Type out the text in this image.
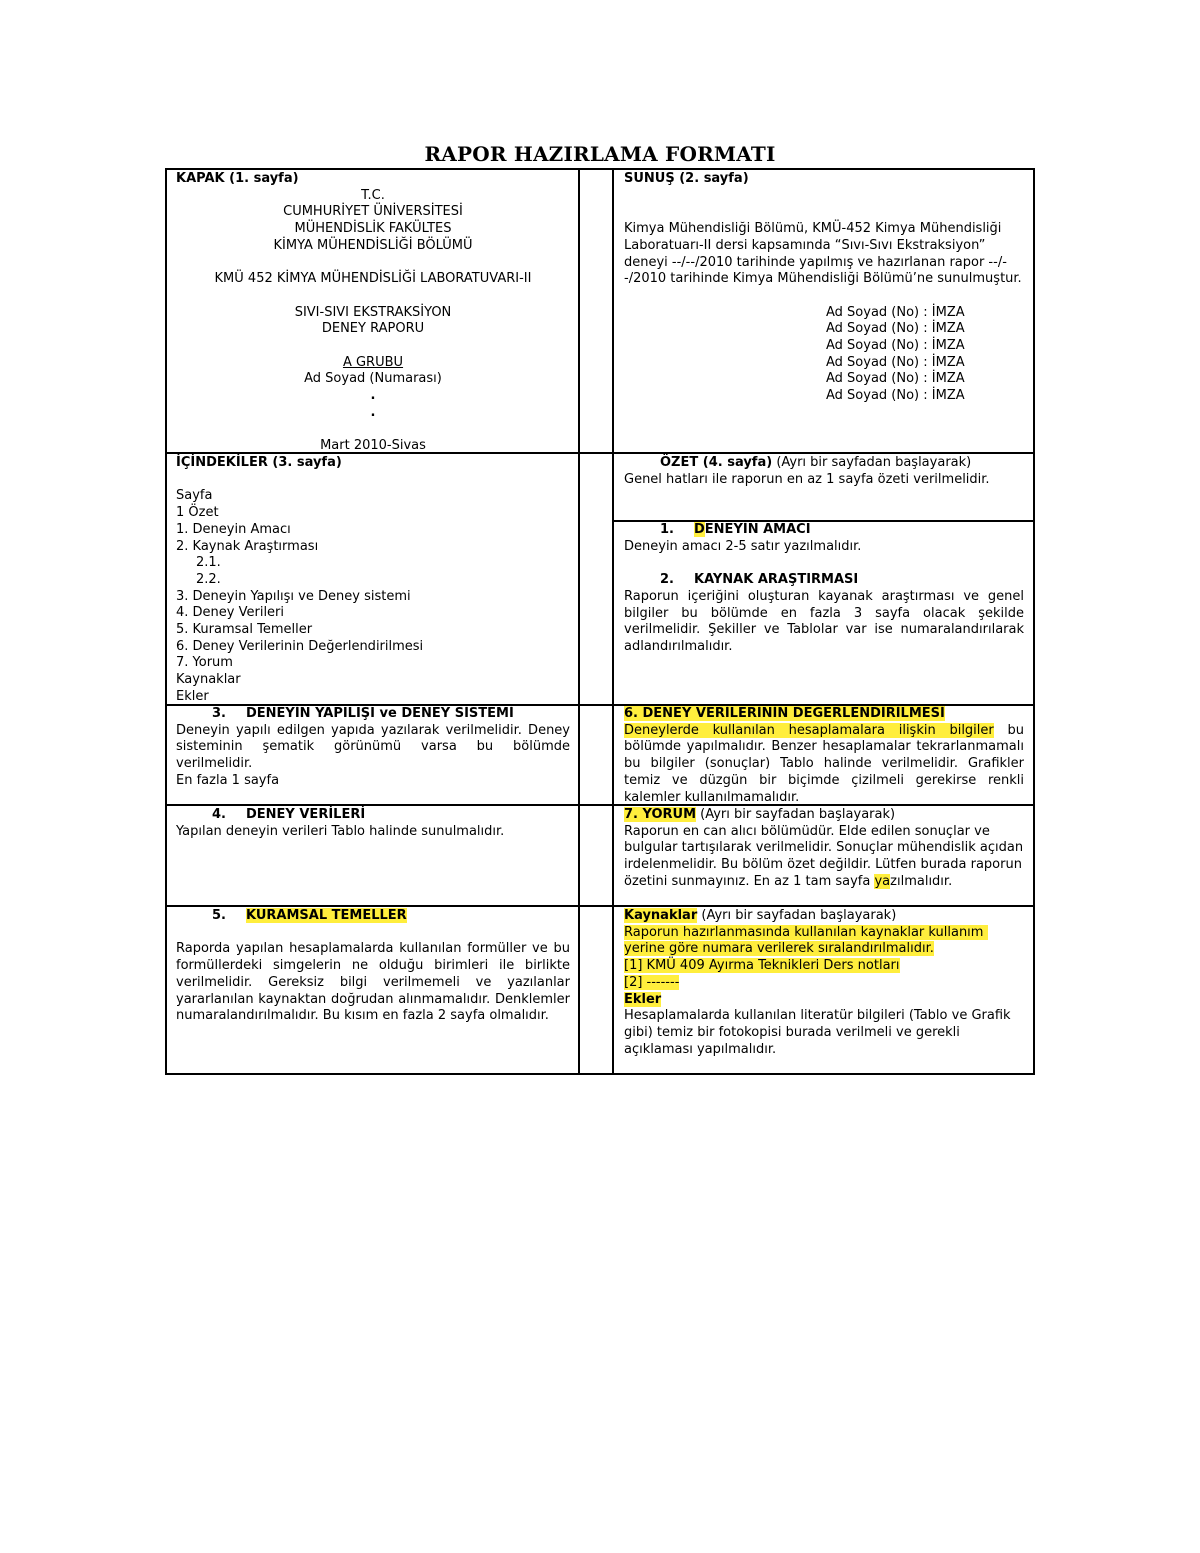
RAPOR HAZIRLAMA FORMATI
KAPAK (1. sayfa)
T.C.
CUMHURİYET ÜNİVERSİTESİ
MÜHENDİSLİK FAKÜLTES
KİMYA MÜHENDİSLİĞİ BÖLÜMÜ

KMÜ 452 KİMYA MÜHENDİSLİĞİ LABORATUVARI-II

SIVI-SIVI EKSTRAKSİYON
DENEY RAPORU

A GRUBU
Ad Soyad (Numarası)
.
.

Mart 2010-Sivas
SUNUŞ (2. sayfa)

Kimya Mühendisliği Bölümü, KMÜ-452 Kimya Mühendisliği Laboratuarı-II dersi kapsamında “Sıvı-Sıvı Ekstraksiyon” deneyi --/--/2010 tarihinde yapılmış ve hazırlanan rapor --/--/2010 tarihinde Kimya Mühendisliği Bölümü’ne sunulmuştur.

Ad Soyad (No) : İMZA
Ad Soyad (No) : İMZA
Ad Soyad (No) : İMZA
Ad Soyad (No) : İMZA
Ad Soyad (No) : İMZA
Ad Soyad (No) : İMZA
İÇİNDEKİLER (3. sayfa)

Sayfa
1 Özet
1. Deneyin Amacı
2. Kaynak Araştırması
2.1.
2.2.
3. Deneyin Yapılışı ve Deney sistemi
4. Deney Verileri
5. Kuramsal Temeller
6. Deney Verilerinin Değerlendirilmesi
7. Yorum
Kaynaklar
Ekler
ÖZET (4. sayfa) (Ayrı bir sayfadan başlayarak)
Genel hatları ile raporun en az 1 sayfa özeti verilmelidir.
1. DENEYİN AMACI
Deneyin amacı 2-5 satır yazılmalıdır.

2. KAYNAK ARAŞTIRMASI
Raporun içeriğini oluşturan kayanak araştırması ve genel bilgiler bu bölümde en fazla 3 sayfa olacak şekilde verilmelidir. Şekiller ve Tablolar var ise numaralandırılarak adlandırılmalıdır.
3. DENEYİN YAPILIŞI ve DENEY SİSTEMİ
Deneyin yapılı edilgen yapıda yazılarak verilmelidir. Deney sisteminin şematik görünümü varsa bu bölümde verilmelidir.
En fazla 1 sayfa
6. DENEY VERİLERİNİN DEĞERLENDİRİLMESİ
Deneylerde kullanılan hesaplamalara ilişkin bilgiler bu bölümde yapılmalıdır. Benzer hesaplamalar tekrarlanmamalı bu bilgiler (sonuçlar) Tablo halinde verilmelidir. Grafikler temiz ve düzgün bir biçimde çizilmeli gerekirse renkli kalemler kullanılmamalıdır.
4. DENEY VERİLERİ
Yapılan deneyin verileri Tablo halinde sunulmalıdır.
7. YORUM (Ayrı bir sayfadan başlayarak)
Raporun en can alıcı bölümüdür. Elde edilen sonuçlar ve bulgular tartışılarak verilmelidir. Sonuçlar mühendislik açıdan irdelenmelidir. Bu bölüm özet değildir. Lütfen burada raporun özetini sunmayınız. En az 1 tam sayfa yazılmalıdır.
5. KURAMSAL TEMELLER

Raporda yapılan hesaplamalarda kullanılan formüller ve bu formüllerdeki simgelerin ne olduğu birimleri ile birlikte verilmelidir. Gereksiz bilgi verilmemeli ve yazılanlar yararlanılan kaynaktan doğrudan alınmamalıdır. Denklemler numaralandırılmalıdır. Bu kısım en fazla 2 sayfa olmalıdır.
Kaynaklar (Ayrı bir sayfadan başlayarak)
Raporun hazırlanmasında kullanılan kaynaklar kullanım yerine göre numara verilerek sıralandırılmalıdır.
[1] KMÜ 409 Ayırma Teknikleri Ders notları
[2] -------
Ekler
Hesaplamalarda kullanılan literatür bilgileri (Tablo ve Grafik gibi) temiz bir fotokopisi burada verilmeli ve gerekli açıklaması yapılmalıdır.
